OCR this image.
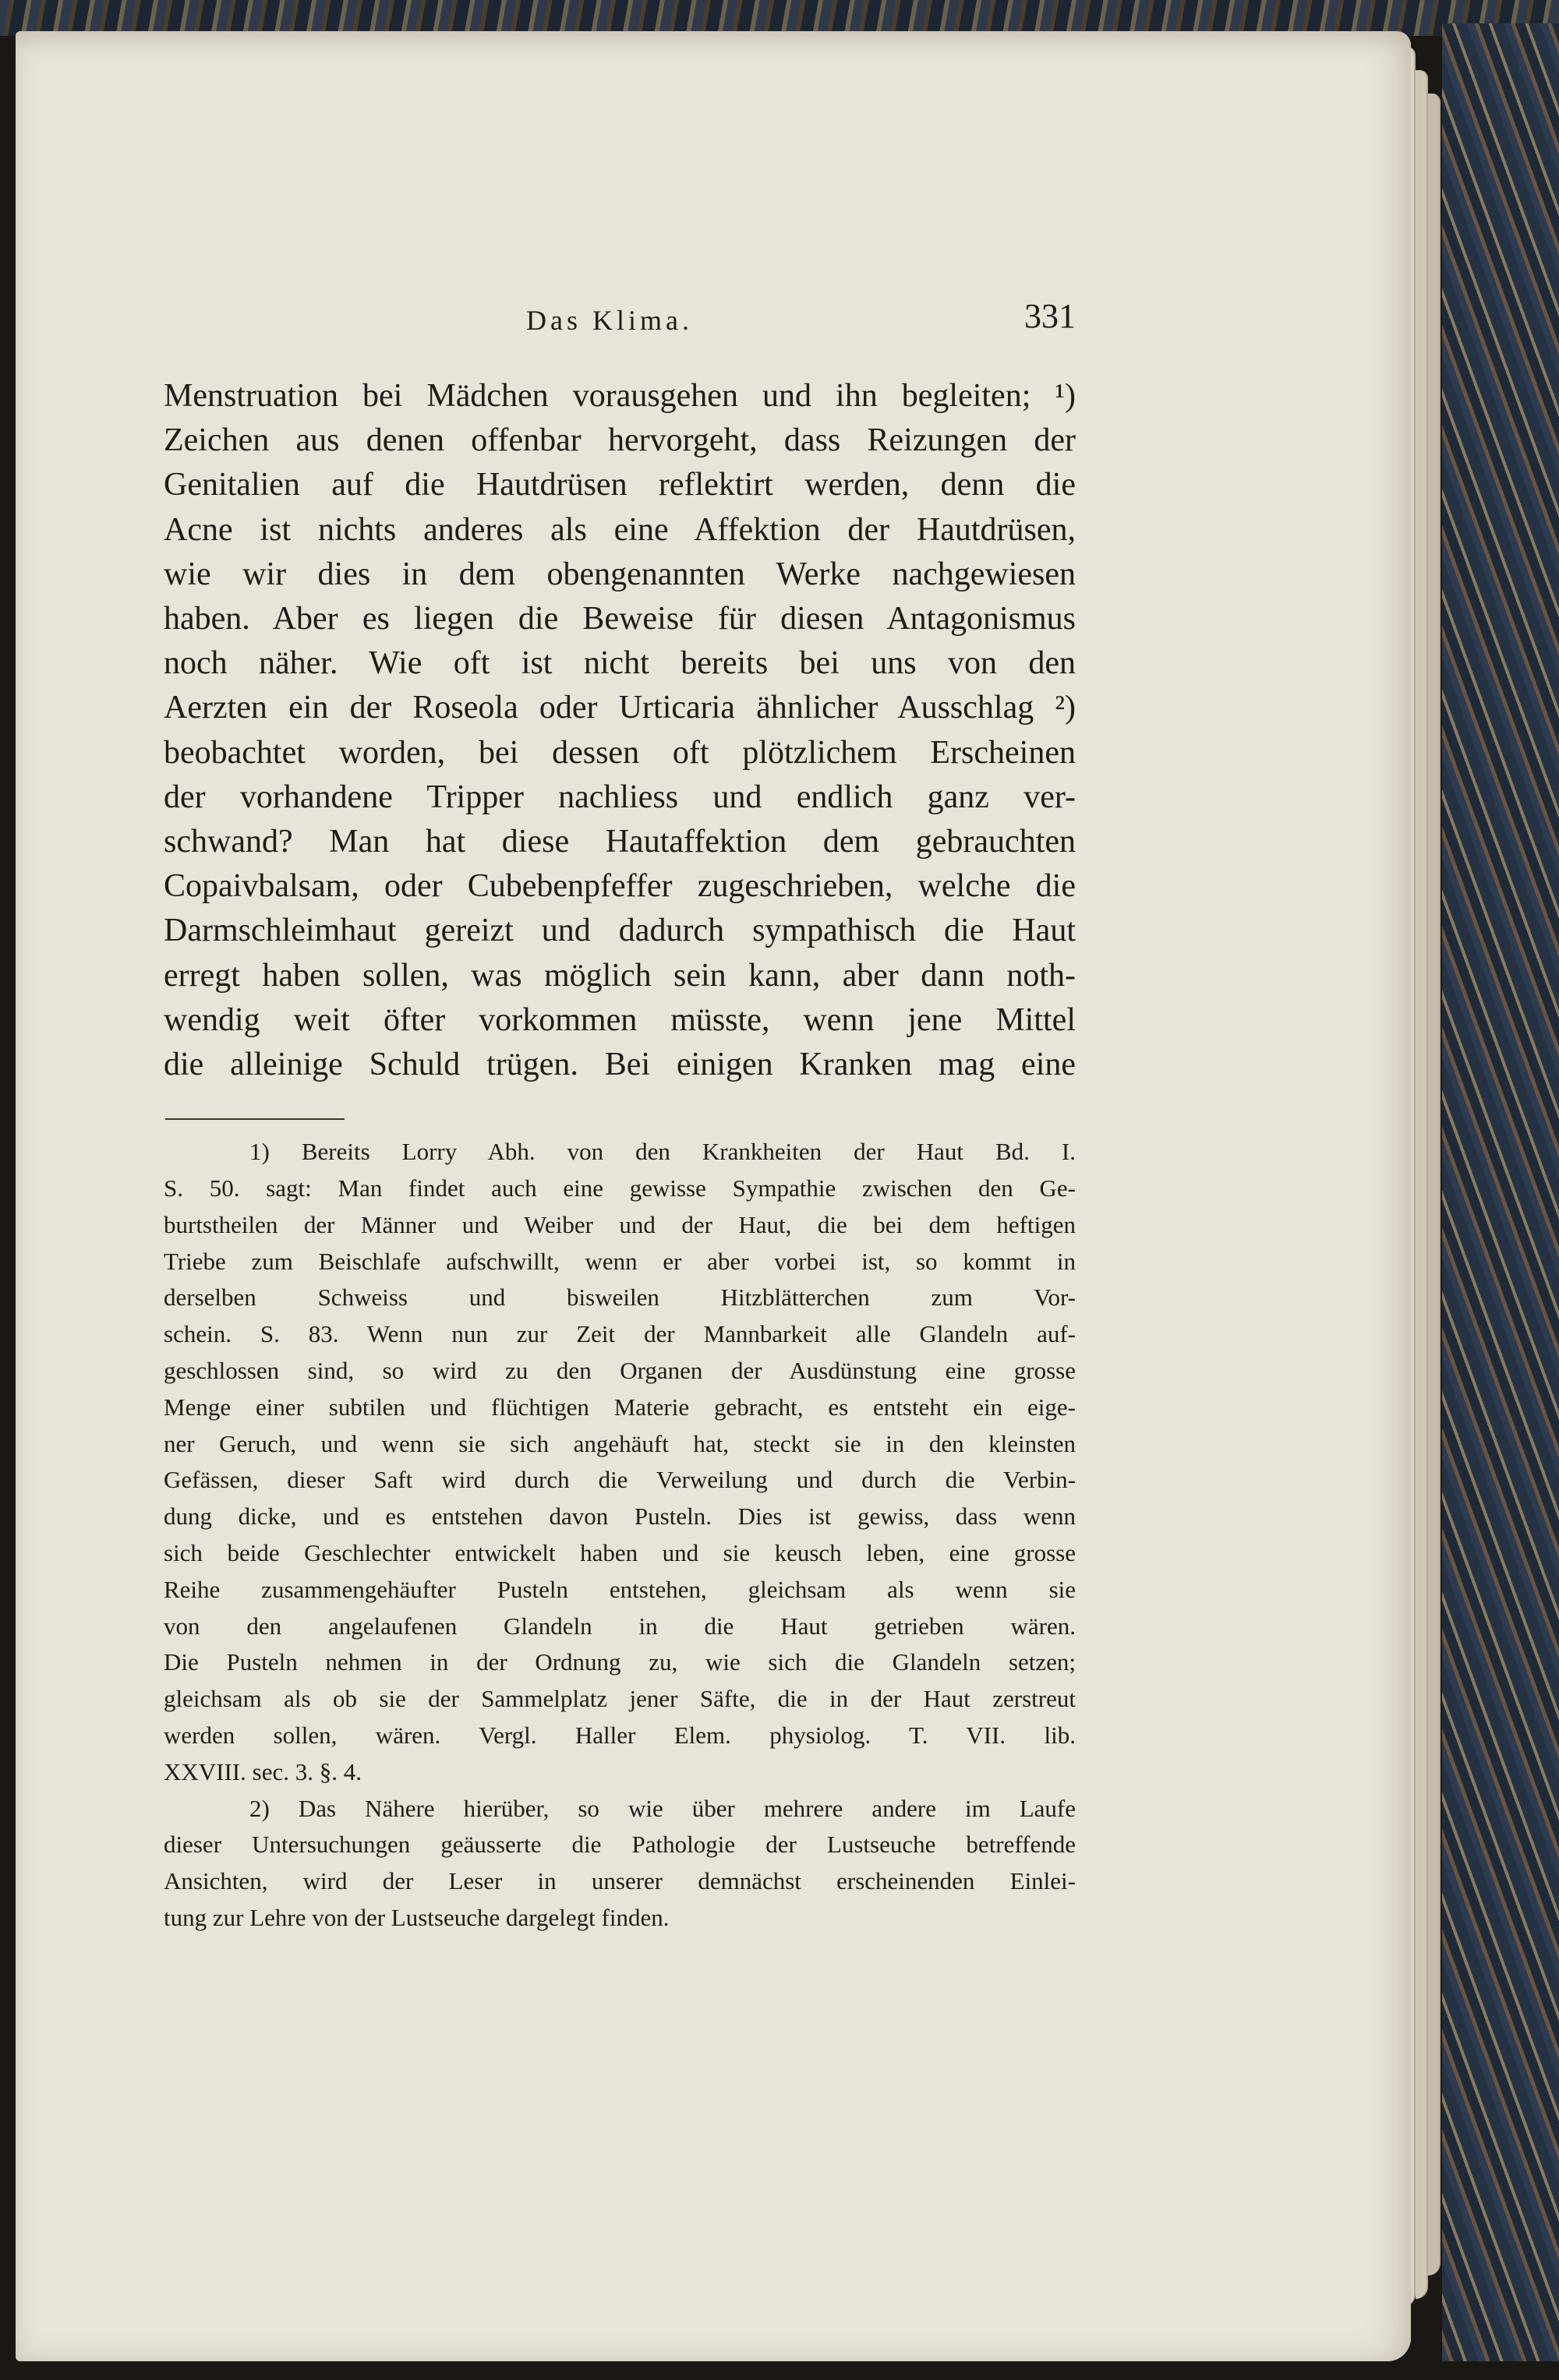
Das Klima.	331
Menstruation bei Mädchen vorausgehen und ihn begleiten; ¹)
Zeichen aus denen offenbar hervorgeht, dass Reizungen der
Genitalien auf die Hautdrüsen reflektirt werden, denn die
Acne ist nichts anderes als eine Affektion der Hautdrüsen,
wie wir dies in dem obengenannten Werke nachgewiesen
haben. Aber es liegen die Beweise für diesen Antagonismus
noch näher. Wie oft ist nicht bereits bei uns von den
Aerzten ein der Roseola oder Urticaria ähnlicher Ausschlag ²)
beobachtet worden, bei dessen oft plötzlichem Erscheinen
der vorhandene Tripper nachliess und endlich ganz ver-
schwand? Man hat diese Hautaffektion dem gebrauchten
Copaivbalsam, oder Cubebenpfeffer zugeschrieben, welche die
Darmschleimhaut gereizt und dadurch sympathisch die Haut
erregt haben sollen, was möglich sein kann, aber dann noth-
wendig weit öfter vorkommen müsste, wenn jene Mittel
die alleinige Schuld trügen. Bei einigen Kranken mag eine
1) Bereits Lorry Abh. von den Krankheiten der Haut Bd. I.
S. 50. sagt: Man findet auch eine gewisse Sympathie zwischen den Ge-
burtstheilen der Männer und Weiber und der Haut, die bei dem heftigen
Triebe zum Beischlafe aufschwillt, wenn er aber vorbei ist, so kommt in
derselben Schweiss und bisweilen Hitzblätterchen zum Vor-
schein. S. 83. Wenn nun zur Zeit der Mannbarkeit alle Glandeln auf-
geschlossen sind, so wird zu den Organen der Ausdünstung eine grosse
Menge einer subtilen und flüchtigen Materie gebracht, es entsteht ein eige-
ner Geruch, und wenn sie sich angehäuft hat, steckt sie in den kleinsten
Gefässen, dieser Saft wird durch die Verweilung und durch die Verbin-
dung dicke, und es entstehen davon Pusteln. Dies ist gewiss, dass wenn
sich beide Geschlechter entwickelt haben und sie keusch leben, eine grosse
Reihe zusammengehäufter Pusteln entstehen, gleichsam als wenn sie
von den angelaufenen Glandeln in die Haut getrieben wären.
Die Pusteln nehmen in der Ordnung zu, wie sich die Glandeln setzen;
gleichsam als ob sie der Sammelplatz jener Säfte, die in der Haut zerstreut
werden sollen, wären. Vergl. Haller Elem. physiolog. T. VII. lib.
XXVIII. sec. 3. §. 4.
2) Das Nähere hierüber, so wie über mehrere andere im Laufe
dieser Untersuchungen geäusserte die Pathologie der Lustseuche betreffende
Ansichten, wird der Leser in unserer demnächst erscheinenden Einlei-
tung zur Lehre von der Lustseuche dargelegt finden.
